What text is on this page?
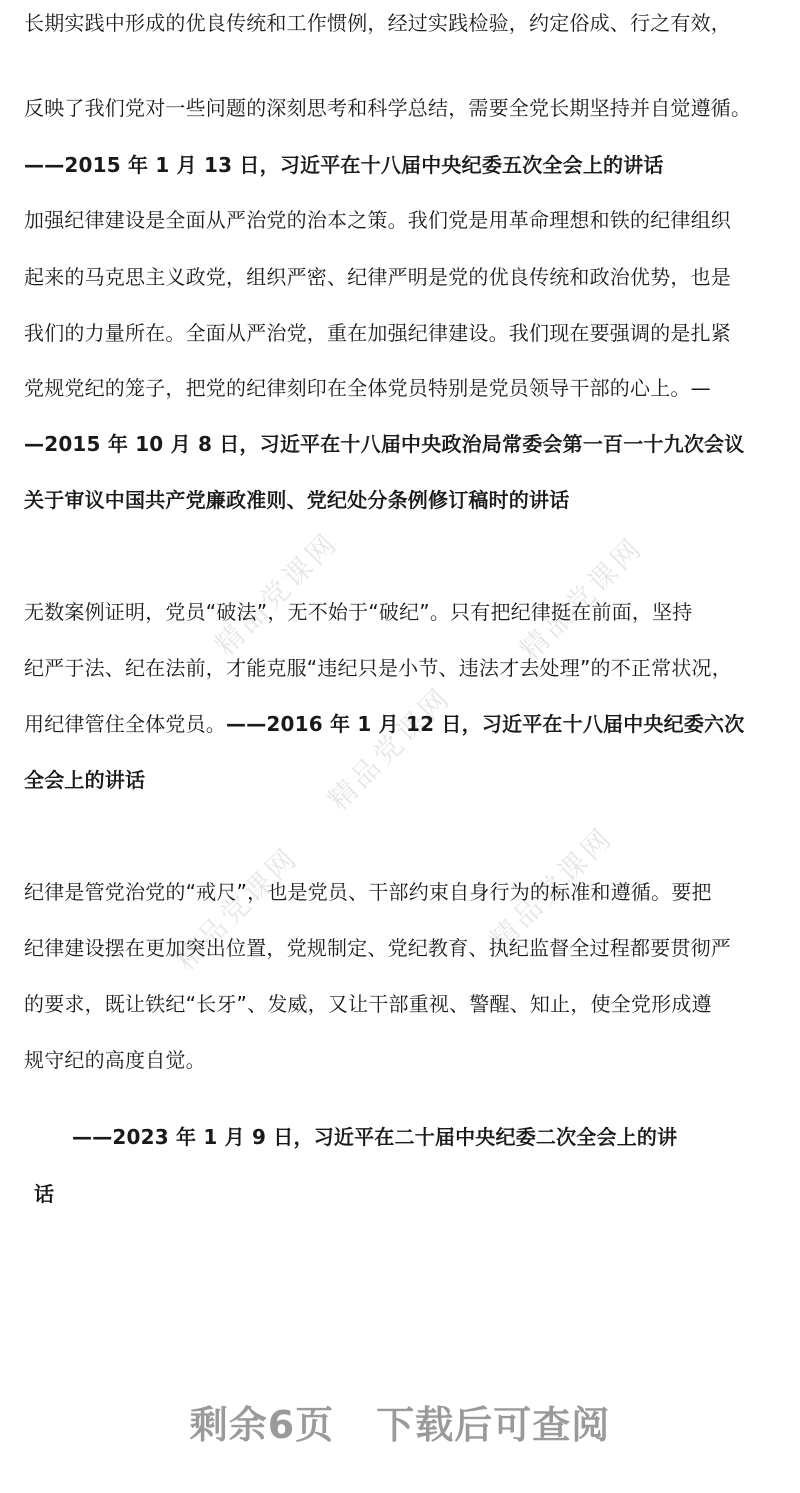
精品党课网	精品党课网
精品党课网
精品党课网	精品党课网
长期实践中形成的优良传统和工作惯例，经过实践检验，约定俗成、行之有效，
反映了我们党对一些问题的深刻思考和科学总结，需要全党长期坚持并自觉遵循。
——2015 年 1 月 13 日，习近平在十八届中央纪委五次全会上的讲话
加强纪律建设是全面从严治党的治本之策。我们党是用革命理想和铁的纪律组织
起来的马克思主义政党，组织严密、纪律严明是党的优良传统和政治优势，也是
我们的力量所在。全面从严治党，重在加强纪律建设。我们现在要强调的是扎紧
党规党纪的笼子，把党的纪律刻印在全体党员特别是党员领导干部的心上。—
—2015 年 10 月 8 日，习近平在十八届中央政治局常委会第一百一十九次会议
关于审议中国共产党廉政准则、党纪处分条例修订稿时的讲话
无数案例证明，党员“破法”，无不始于“破纪”。只有把纪律挺在前面，坚持
纪严于法、纪在法前，才能克服“违纪只是小节、违法才去处理”的不正常状况，
用纪律管住全体党员。——2016 年 1 月 12 日，习近平在十八届中央纪委六次
全会上的讲话
纪律是管党治党的“戒尺”，也是党员、干部约束自身行为的标准和遵循。要把
纪律建设摆在更加突出位置，党规制定、党纪教育、执纪监督全过程都要贯彻严
的要求，既让铁纪“长牙”、发威，又让干部重视、警醒、知止，使全党形成遵
规守纪的高度自觉。
——2023 年 1 月 9 日，习近平在二十届中央纪委二次全会上的讲
话
剩余6页 下载后可查阅
